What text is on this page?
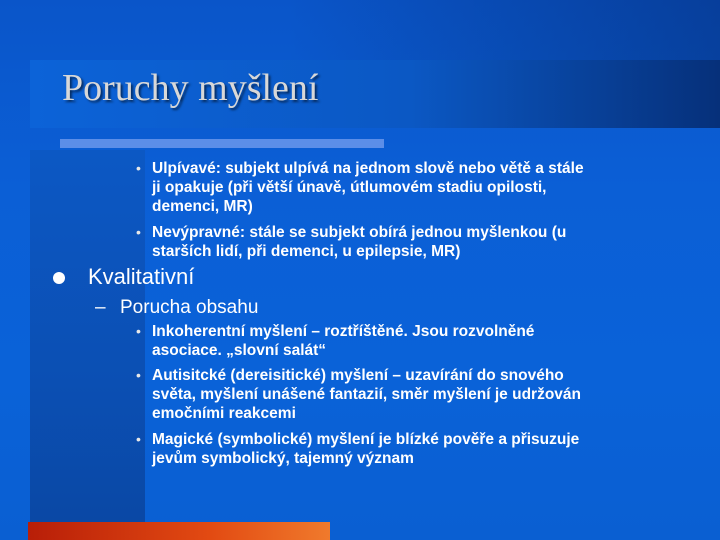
Poruchy myšlení
• Ulpívavé: subjekt ulpívá na jednom slově nebo větě a stále
ji opakuje (při větší únavě, útlumovém stadiu opilosti,
demenci, MR)
• Nevýpravné: stále se subjekt obírá jednou myšlenkou (u
starších lidí, při demenci, u epilepsie, MR)
Kvalitativní
– Porucha obsahu
• Inkoherentní myšlení – roztříštěné. Jsou rozvolněné
asociace. „slovní salát“
• Autisitcké (dereisitické) myšlení – uzavírání do snového
světa, myšlení unášené fantazií, směr myšlení je udržován
emočními reakcemi
• Magické (symbolické) myšlení je blízké pověře a přisuzuje
jevům symbolický, tajemný význam
